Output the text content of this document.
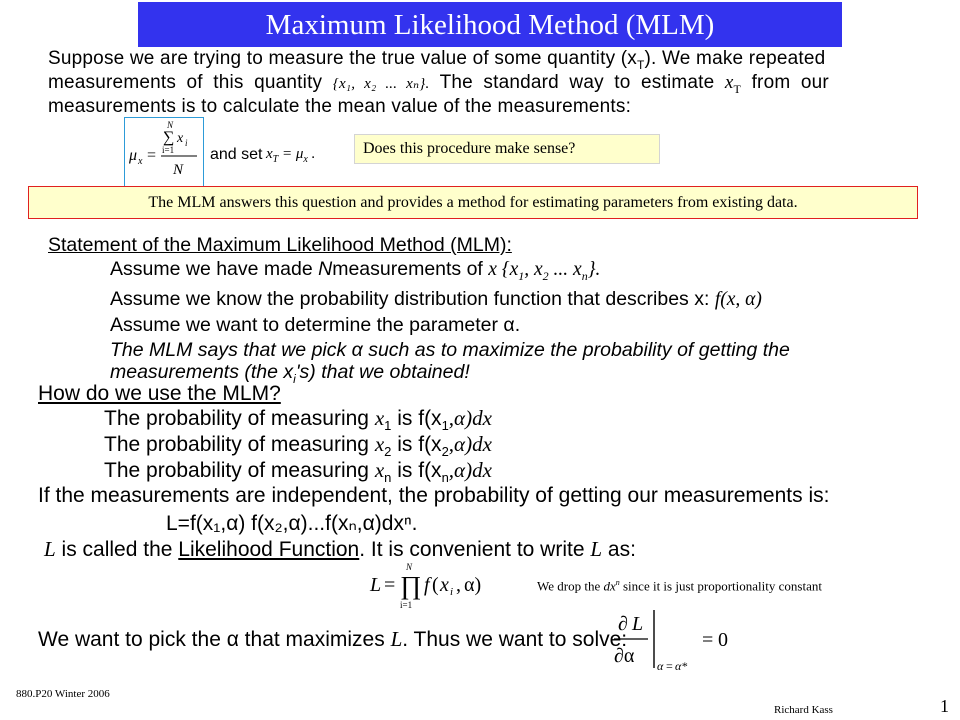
Maximum Likelihood Method (MLM)
Suppose we are trying to measure the true value of some quantity $(x_T)$. We make repeated
measurements of this quantity {x₁, x₂ ... xₙ}. The standard way to estimate $x_T$ from our
measurements is to calculate the mean value of the measurements:
μ x =
N
∑ x i
i=1
N
and set $x_T = \mu_x$ .	Does this procedure make sense?
The MLM answers this question and provides a method for estimating parameters from existing data.
Statement of the Maximum Likelihood Method (MLM):
Assume we have made Nmeasurements of x {$x_1$, $x_2$ ... $x_n$}.
Assume we know the probability distribution function that describes x: f(x, α)
Assume we want to determine the parameter α.
The MLM says that we pick α such as to maximize the probability of getting the
measurements (the $x_i's$) that we obtained!
How do we use the MLM?
The probability of measuring $x_1$ is $f(x_1,\alpha)dx$
The probability of measuring $x_2$ is $f(x_2,\alpha)dx$
The probability of measuring $x_n$ is $f(x_n,\alpha)dx$
If the measurements are independent, the probability of getting our measurements is:
L=f(x₁,α) f(x₂,α)...f(xₙ,α)dxⁿ.
L is called the Likelihood Function. It is convenient to write L as:
L =
N
∏
i=1
f ( x i , α)	We drop the $dx^n$ since it is just proportionality constant
We want to pick the α that maximizes L. Thus we want to solve:
∂ L
∂α α = α*
= 0
880.P20 Winter 2006
Richard Kass	1
